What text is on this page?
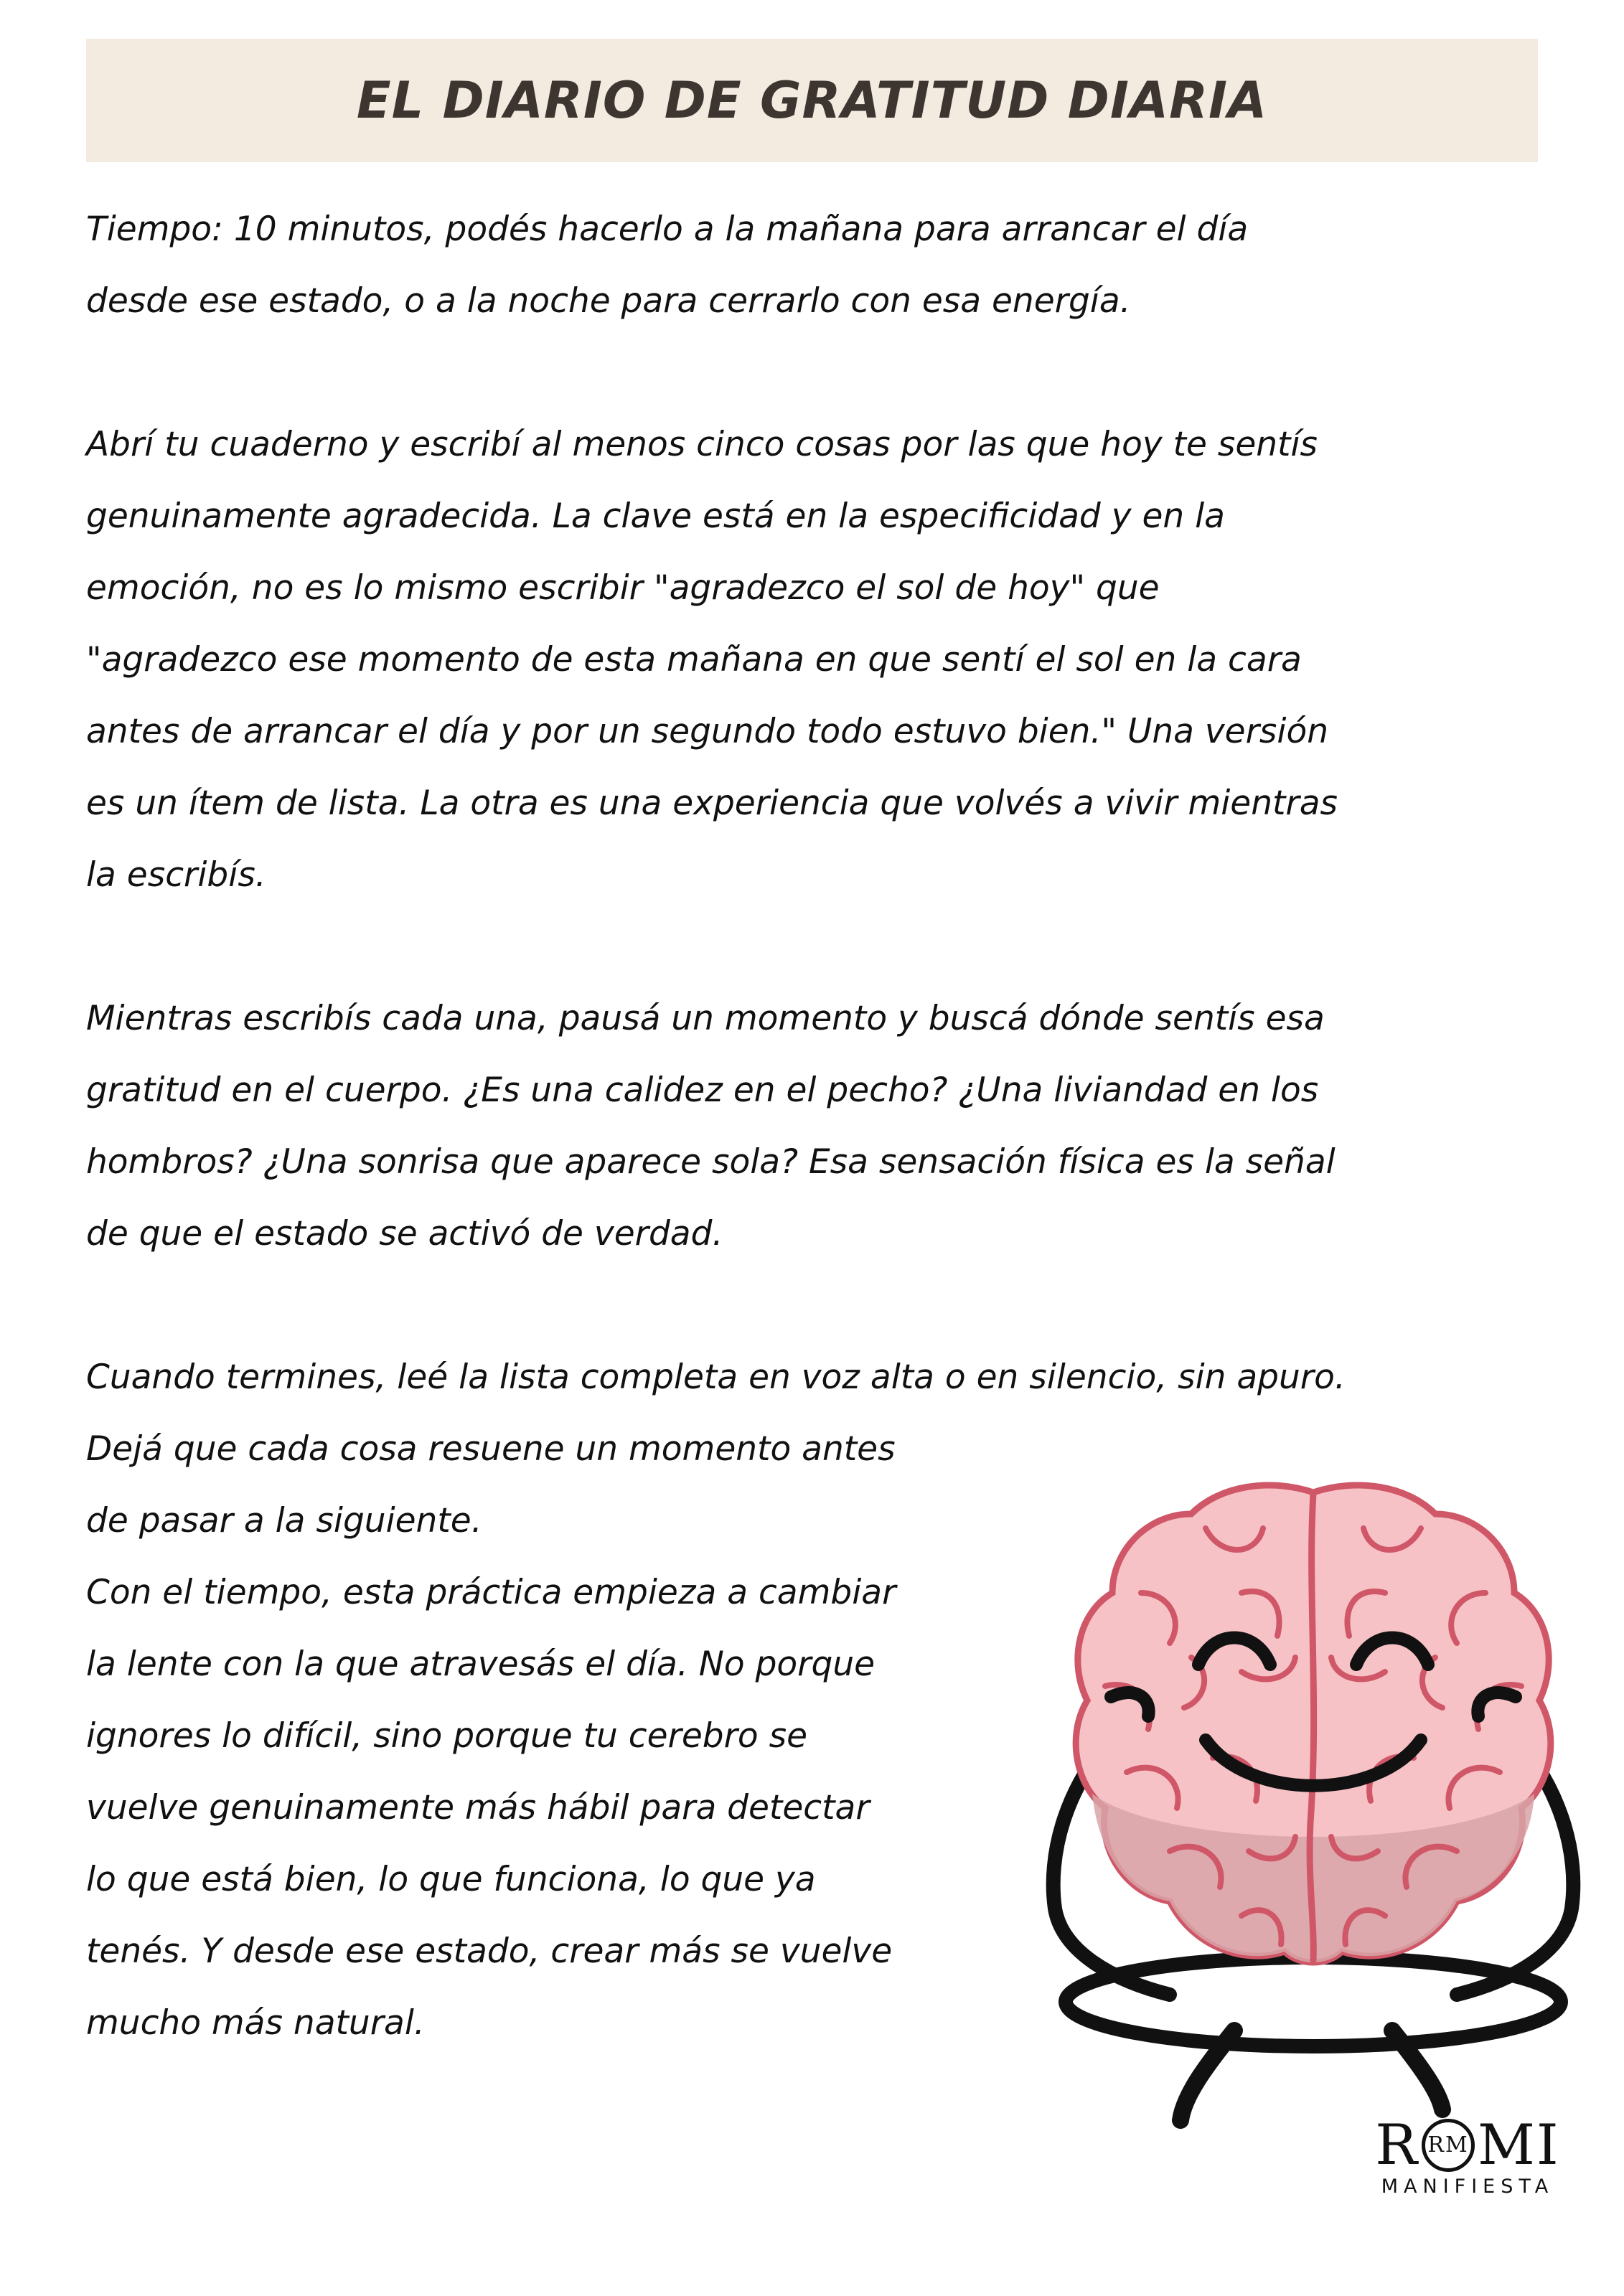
EL DIARIO DE GRATITUD DIARIA

Tiempo: 10 minutos, podés hacerlo a la mañana para arrancar el día
desde ese estado, o a la noche para cerrarlo con esa energía.

Abrí tu cuaderno y escribí al menos cinco cosas por las que hoy te sentís
genuinamente agradecida. La clave está en la especificidad y en la
emoción, no es lo mismo escribir "agradezco el sol de hoy" que
"agradezco ese momento de esta mañana en que sentí el sol en la cara
antes de arrancar el día y por un segundo todo estuvo bien." Una versión
es un ítem de lista. La otra es una experiencia que volvés a vivir mientras
la escribís.

Mientras escribís cada una, pausá un momento y buscá dónde sentís esa
gratitud en el cuerpo. ¿Es una calidez en el pecho? ¿Una liviandad en los
hombros? ¿Una sonrisa que aparece sola? Esa sensación física es la señal
de que el estado se activó de verdad.

Cuando termines, leé la lista completa en voz alta o en silencio, sin apuro.

Dejá que cada cosa resuene un momento antes
de pasar a la siguiente.

Con el tiempo, esta práctica empieza a cambiar
la lente con la que atravesás el día. No porque
ignores lo difícil, sino porque tu cerebro se
vuelve genuinamente más hábil para detectar
lo que está bien, lo que funciona, lo que ya
tenés. Y desde ese estado, crear más se vuelve
mucho más natural.

R RM MI
MANIFIESTA
